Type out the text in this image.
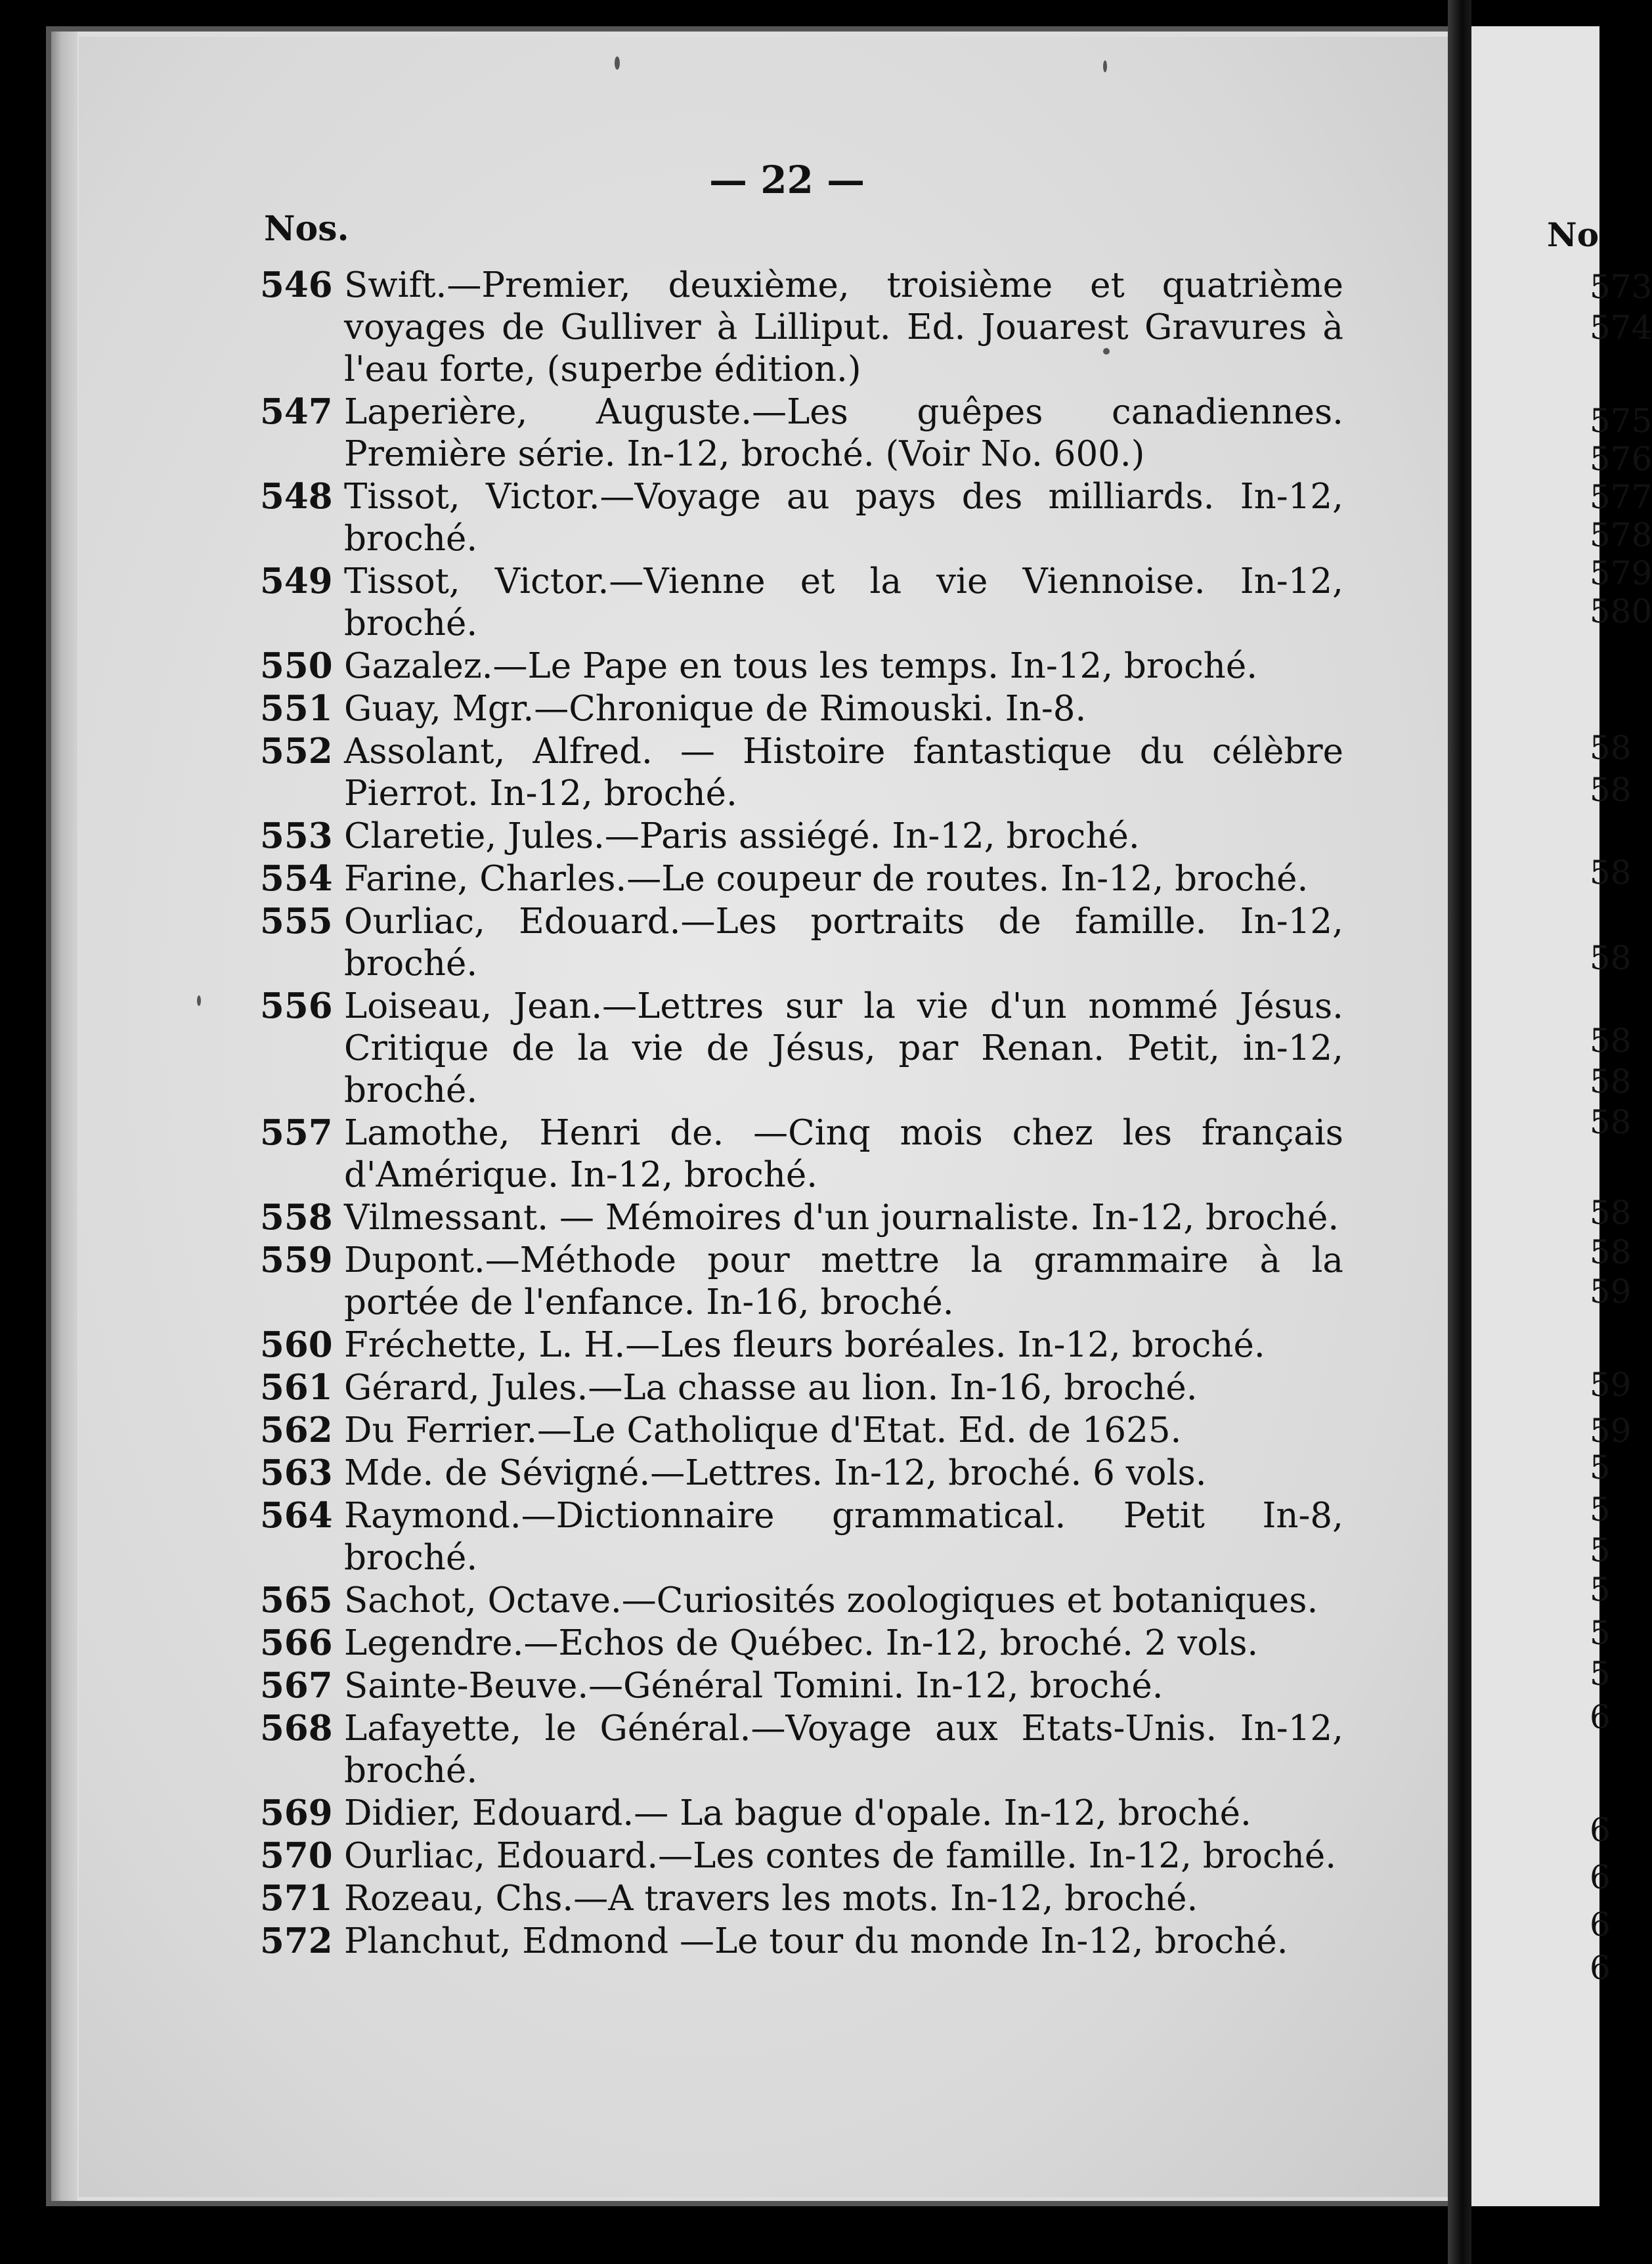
— 22 —
Nos.
546 Swift.—Premier, deuxième, troisième et quatrième voyages de Gulliver à Lilliput. Ed. Jouarest Gravures à l'eau forte, (superbe édition.)
547 Laperière, Auguste.—Les guêpes canadiennes. Première série. In-12, broché. (Voir No. 600.)
548 Tissot, Victor.—Voyage au pays des milliards. In-12, broché.
549 Tissot, Victor.—Vienne et la vie Viennoise. In-12, broché.
550 Gazalez.—Le Pape en tous les temps. In-12, broché.
551 Guay, Mgr.—Chronique de Rimouski. In-8.
552 Assolant, Alfred. — Histoire fantastique du célèbre Pierrot. In-12, broché.
553 Claretie, Jules.—Paris assiégé. In-12, broché.
554 Farine, Charles.—Le coupeur de routes. In-12, broché.
555 Ourliac, Edouard.—Les portraits de famille. In-12, broché.
556 Loiseau, Jean.—Lettres sur la vie d'un nommé Jésus. Critique de la vie de Jésus, par Renan. Petit, in-12, broché.
557 Lamothe, Henri de. —Cinq mois chez les français d'Amérique. In-12, broché.
558 Vilmessant. — Mémoires d'un journaliste. In-12, broché.
559 Dupont.—Méthode pour mettre la grammaire à la portée de l'enfance. In-16, broché.
560 Fréchette, L. H.—Les fleurs boréales. In-12, broché.
561 Gérard, Jules.—La chasse au lion. In-16, broché.
562 Du Ferrier.—Le Catholique d'Etat. Ed. de 1625.
563 Mde. de Sévigné.—Lettres. In-12, broché. 6 vols.
564 Raymond.—Dictionnaire grammatical. Petit In-8, broché.
565 Sachot, Octave.—Curiosités zoologiques et botaniques.
566 Legendre.—Echos de Québec. In-12, broché. 2 vols.
567 Sainte-Beuve.—Général Tomini. In-12, broché.
568 Lafayette, le Général.—Voyage aux Etats-Unis. In-12, broché.
569 Didier, Edouard.— La bague d'opale. In-12, broché.
570 Ourliac, Edouard.—Les contes de famille. In-12, broché.
571 Rozeau, Chs.—A travers les mots. In-12, broché.
572 Planchut, Edmond —Le tour du monde In-12, broché.
No
573
574
575
576
577
578
579
580
58
58
58
58
58
58
58
58
58
59
59
59
5
5
5
5
5
5
6
6
6
6
6
